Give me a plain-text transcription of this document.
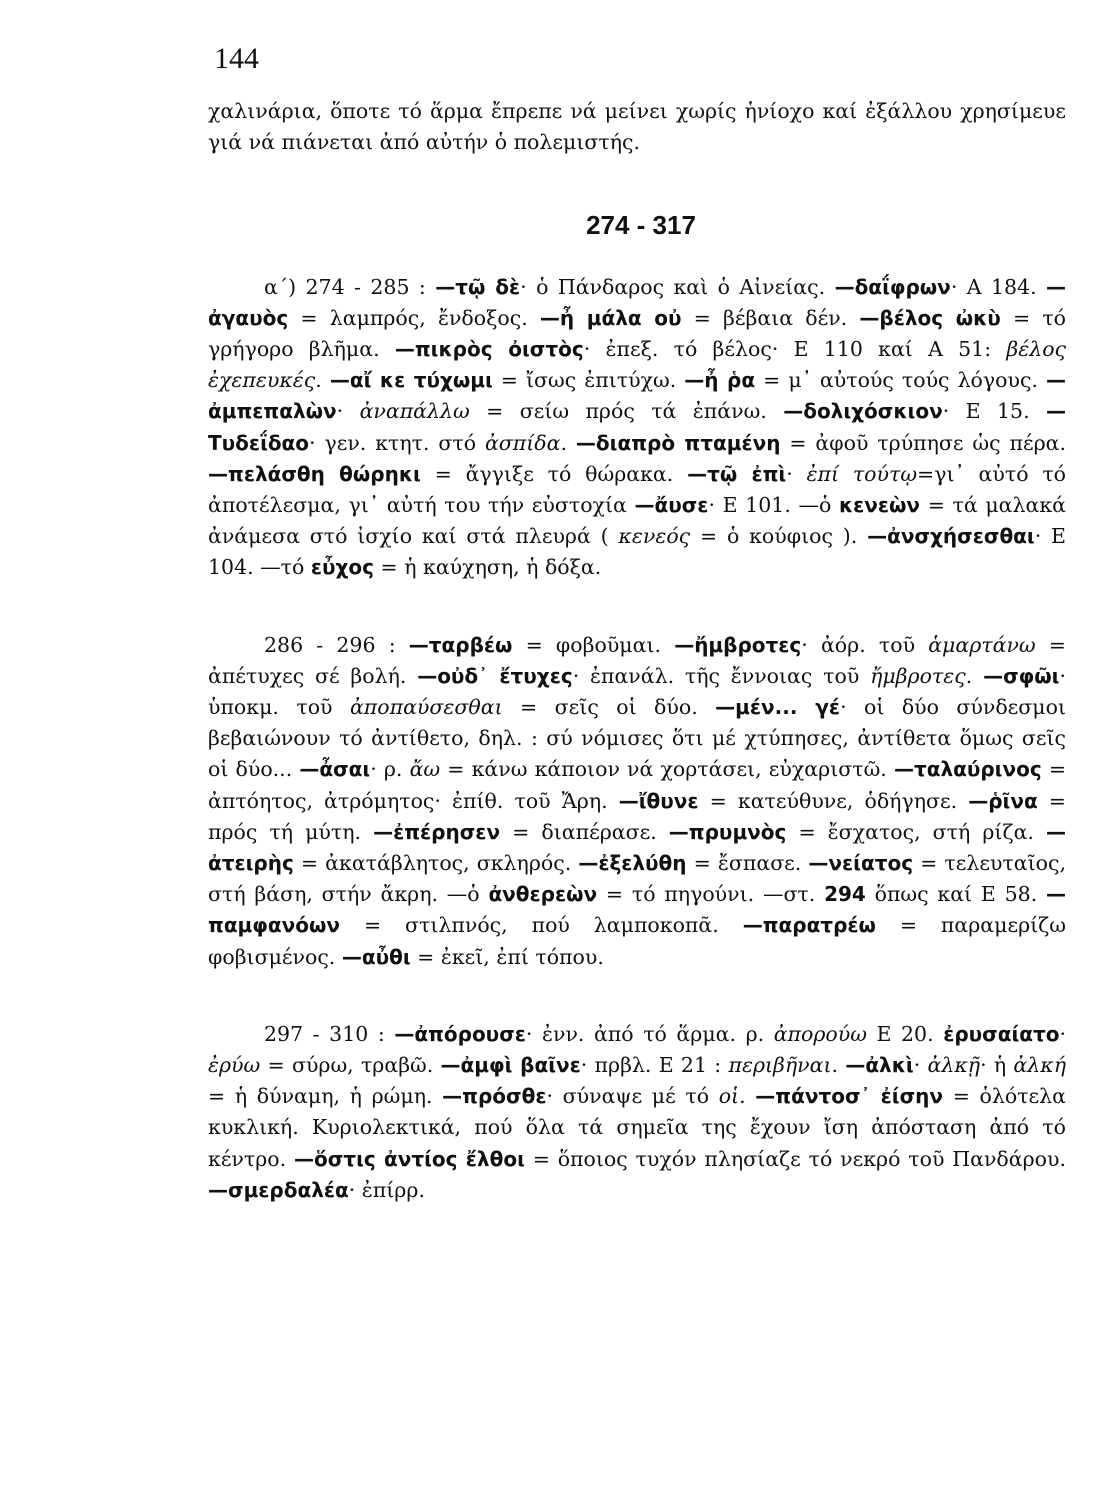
144

χαλινάρια, ὅποτε τό ἅρμα ἔπρεπε νά μείνει χωρίς ἡνίοχο καί ἐξάλλου χρησίμευε γιά νά πιάνεται ἀπό αὐτήν ὁ πολεμιστής.

274 - 317

α΄) 274 - 285 : —τῷ δὲ· ὁ Πάνδαρος καὶ ὁ Αἰνείας. —δαΐφρων· Α 184. —ἀγαυὸς = λαμπρός, ἔνδοξος. —ἦ μάλα οὐ = βέβαια δέν. —βέλος ὠκὺ = τό γρήγορο βλῆμα. —πικρὸς ὀιστὸς· ἐπεξ. τό βέλος· Ε 110 καί Α 51: βέλος ἐχεπευκές. —αἴ κε τύχωμι = ἴσως ἐπιτύχω. —ἦ ῥα = μ᾽ αὐτούς τούς λόγους. —ἀμπεπαλὼν· ἀναπάλλω = σείω πρός τά ἐπάνω. —δολιχόσκιον· Ε 15. —Τυδεΐδαο· γεν. κτητ. στό ἀσπίδα. —διαπρὸ πταμένη = ἀφοῦ τρύπησε ὡς πέρα. —πελάσθη θώρηκι = ἄγγιξε τό θώρακα. —τῷ ἐπὶ· ἐπί τούτῳ=γι᾽ αὐτό τό ἀποτέλεσμα, γι᾽ αὐτή του τήν εὐστοχία —ἄυσε· Ε 101. —ὁ κενεὼν = τά μαλακά ἀνάμεσα στό ἰσχίο καί στά πλευρά ( κενεός = ὁ κούφιος ). —ἀνσχήσεσθαι· Ε 104. —τό εὖχος = ἡ καύχηση, ἡ δόξα.

286 - 296 : —ταρβέω = φοβοῦμαι. —ἤμβροτες· ἀόρ. τοῦ ἁμαρτάνω = ἀπέτυχες σέ βολή. —οὐδ᾽ ἔτυχες· ἐπανάλ. τῆς ἔννοιας τοῦ ἤμβροτες. —σφῶι· ὑποκμ. τοῦ ἀποπαύσεσθαι = σεῖς οἱ δύο. —μέν... γέ· οἱ δύο σύνδεσμοι βεβαιώνουν τό ἀντίθετο, δηλ. : σύ νόμισες ὅτι μέ χτύπησες, ἀντίθετα ὅμως σεῖς οἱ δύο... —ἆσαι· ρ. ἄω = κάνω κάποιον νά χορτάσει, εὐχαριστῶ. —ταλαύρινος = ἀπτόητος, ἀτρόμητος· ἐπίθ. τοῦ Ἄρη. —ἴθυνε = κατεύθυνε, ὁδήγησε. —ῥῖνα = πρός τή μύτη. —ἐπέρησεν = διαπέρασε. —πρυμνὸς = ἔσχατος, στή ρίζα. —ἀτειρὴς = ἀκατάβλητος, σκληρός. —ἐξελύθη = ἔσπασε. —νείατος = τελευταῖος, στή βάση, στήν ἄκρη. —ὁ ἀνθερεὼν = τό πηγούνι. —στ. 294 ὅπως καί Ε 58. —παμφανόων = στιλπνός, πού λαμποκοπᾶ. —παρατρέω = παραμερίζω φοβισμένος. —αὖθι = ἐκεῖ, ἐπί τόπου.

297 - 310 : —ἀπόρουσε· ἐνν. ἀπό τό ἅρμα. ρ. ἀπορούω Ε 20. ἐρυσαίατο· ἐρύω = σύρω, τραβῶ. —ἀμφὶ βαῖνε· πρβλ. Ε 21 : περιβῆναι. —ἀλκὶ· ἀλκῇ· ἡ ἀλκή = ἡ δύναμη, ἡ ρώμη. —πρόσθε· σύναψε μέ τό οἱ. —πάντοσ᾽ ἐίσην = ὁλότελα κυκλική. Κυριολεκτικά, πού ὅλα τά σημεῖα της ἔχουν ἴση ἀπόσταση ἀπό τό κέντρο. —ὅστις ἀντίος ἔλθοι = ὅποιος τυχόν πλησίαζε τό νεκρό τοῦ Πανδάρου. —σμερδαλέα· ἐπίρρ.
